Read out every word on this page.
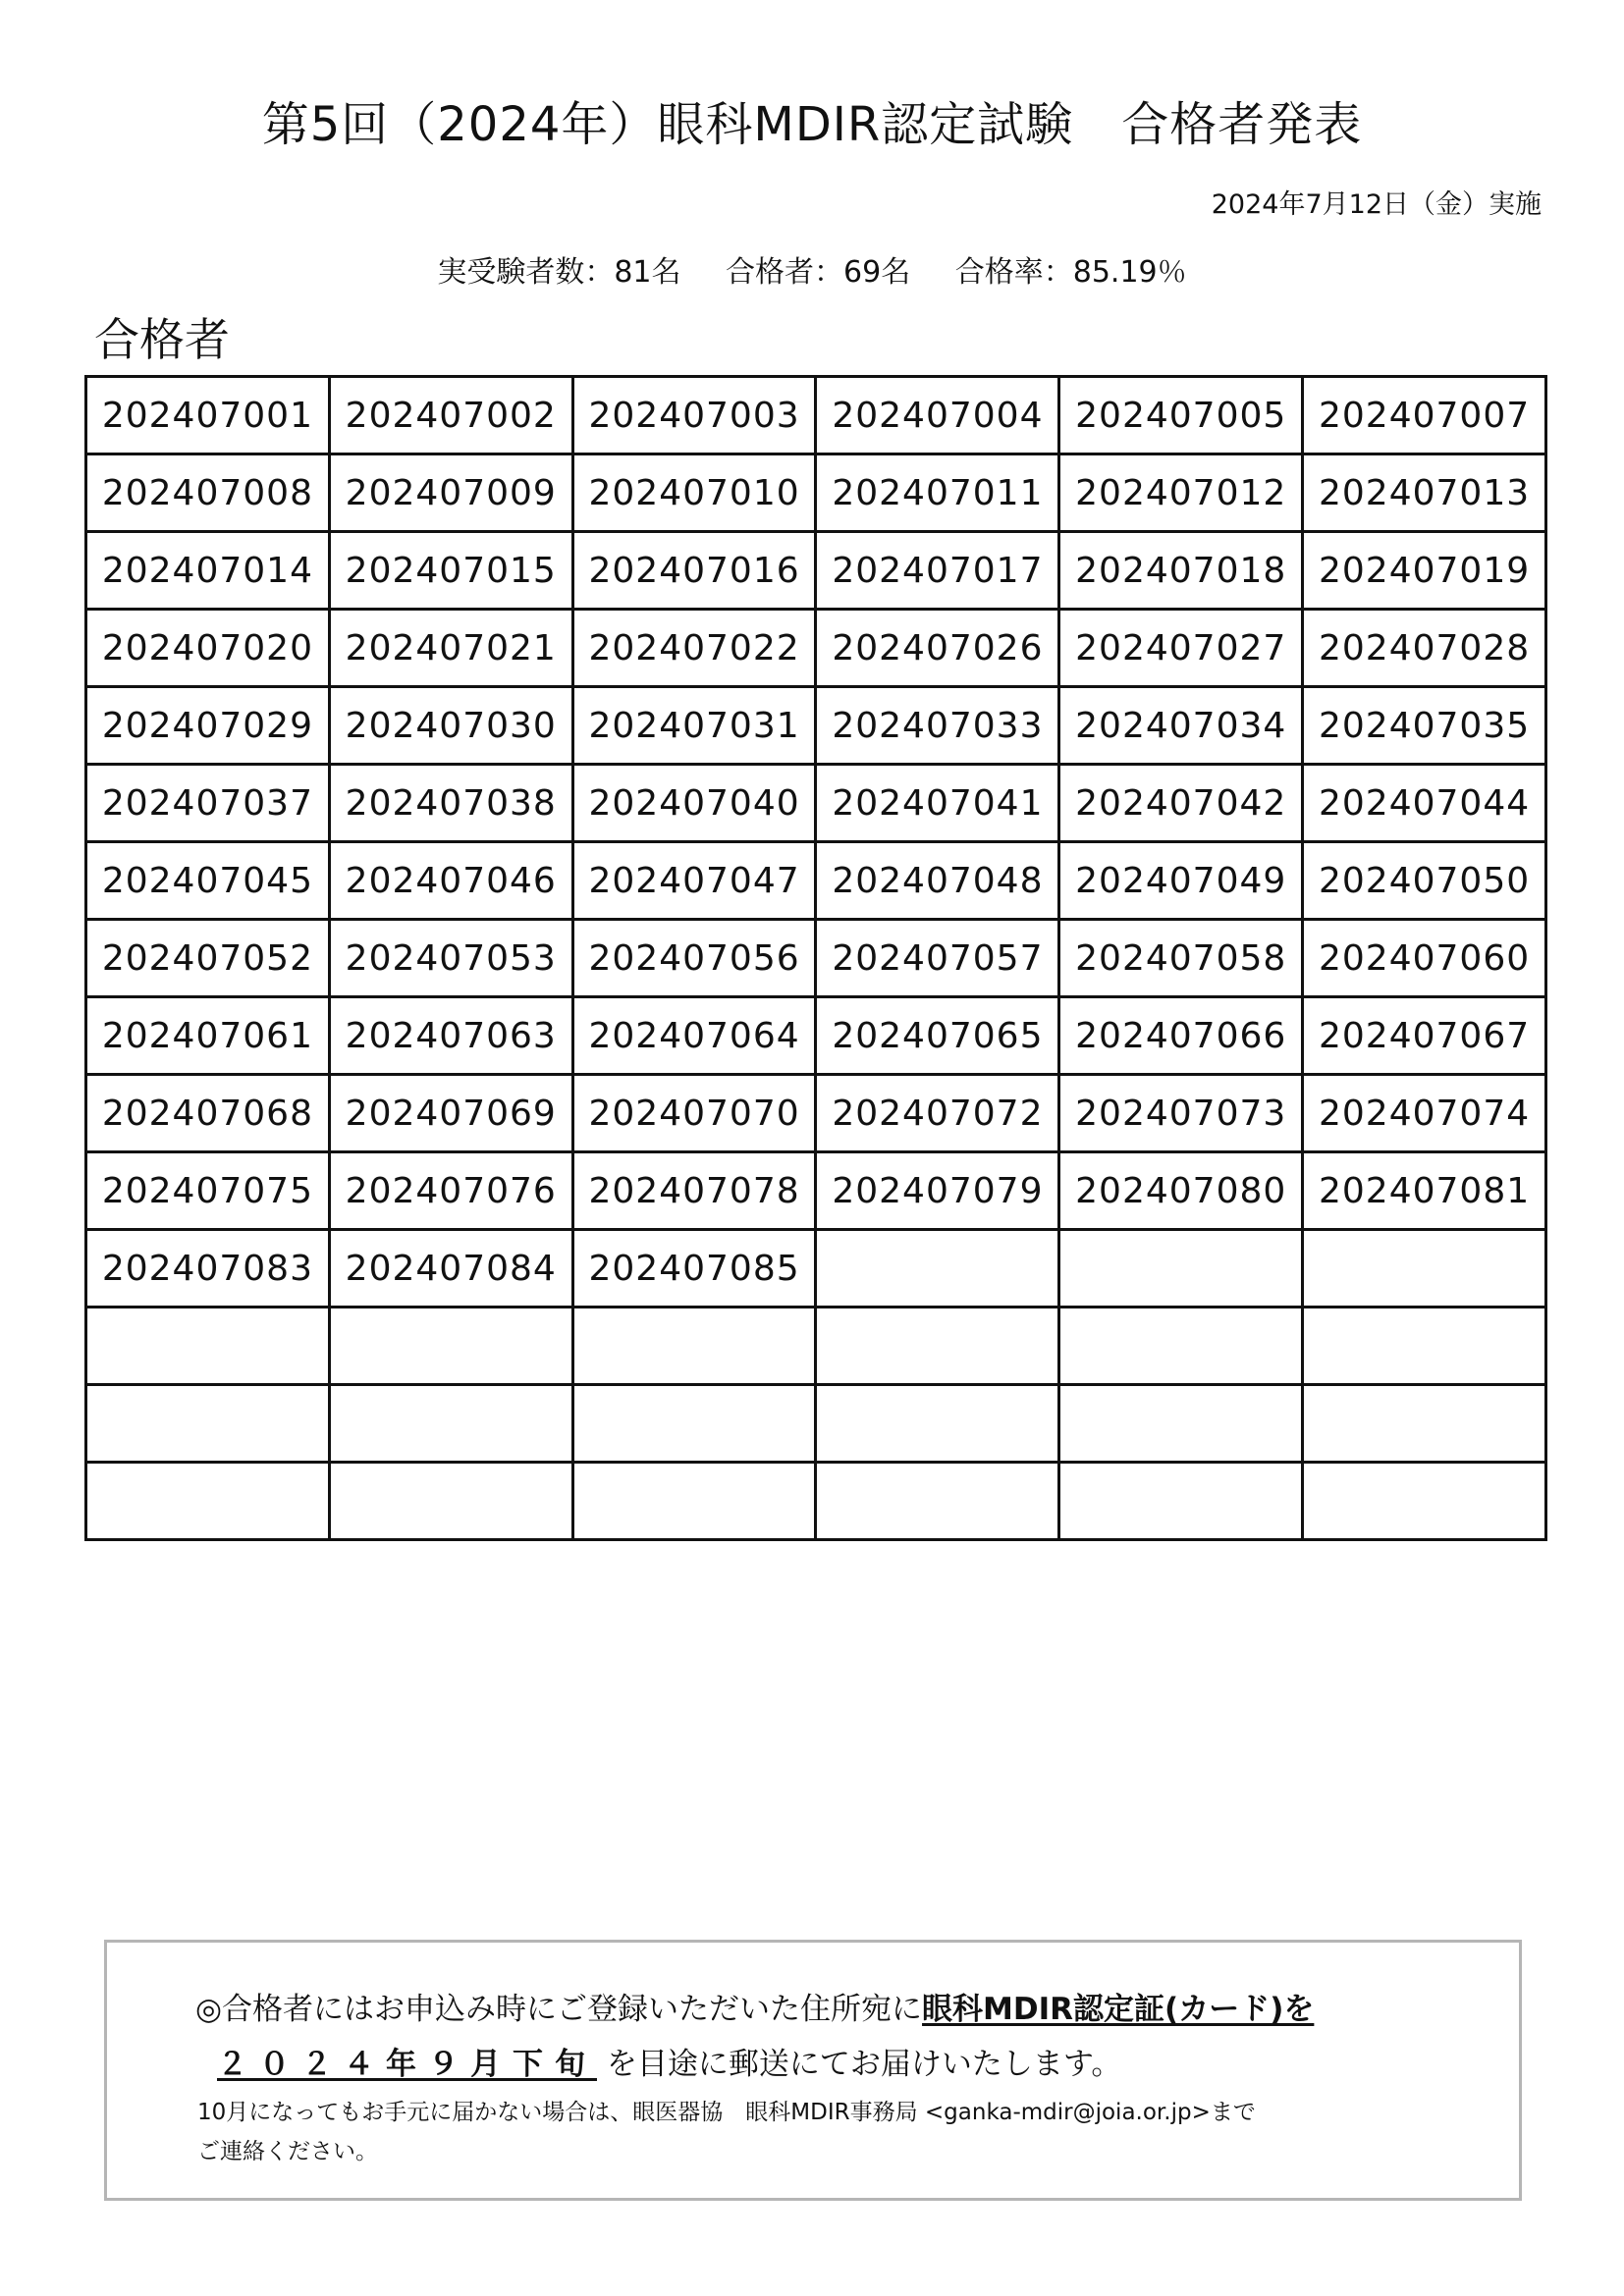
第5回（2024年）眼科MDIR認定試験　合格者発表
2024年7月12日（金）実施
実受験者数：81名　 合格者：69名　 合格率：85.19％
合格者
202407001	202407002	202407003	202407004	202407005	202407007
202407008	202407009	202407010	202407011	202407012	202407013
202407014	202407015	202407016	202407017	202407018	202407019
202407020	202407021	202407022	202407026	202407027	202407028
202407029	202407030	202407031	202407033	202407034	202407035
202407037	202407038	202407040	202407041	202407042	202407044
202407045	202407046	202407047	202407048	202407049	202407050
202407052	202407053	202407056	202407057	202407058	202407060
202407061	202407063	202407064	202407065	202407066	202407067
202407068	202407069	202407070	202407072	202407073	202407074
202407075	202407076	202407078	202407079	202407080	202407081
202407083	202407084	202407085			

◎合格者にはお申込み時にご登録いただいた住所宛に眼科MDIR認定証(カード)を
２０２４年９月下旬 を目途に郵送にてお届けいたします。
10月になってもお手元に届かない場合は、眼医器協　眼科MDIR事務局 <ganka-mdir@joia.or.jp>まで
ご連絡ください。
